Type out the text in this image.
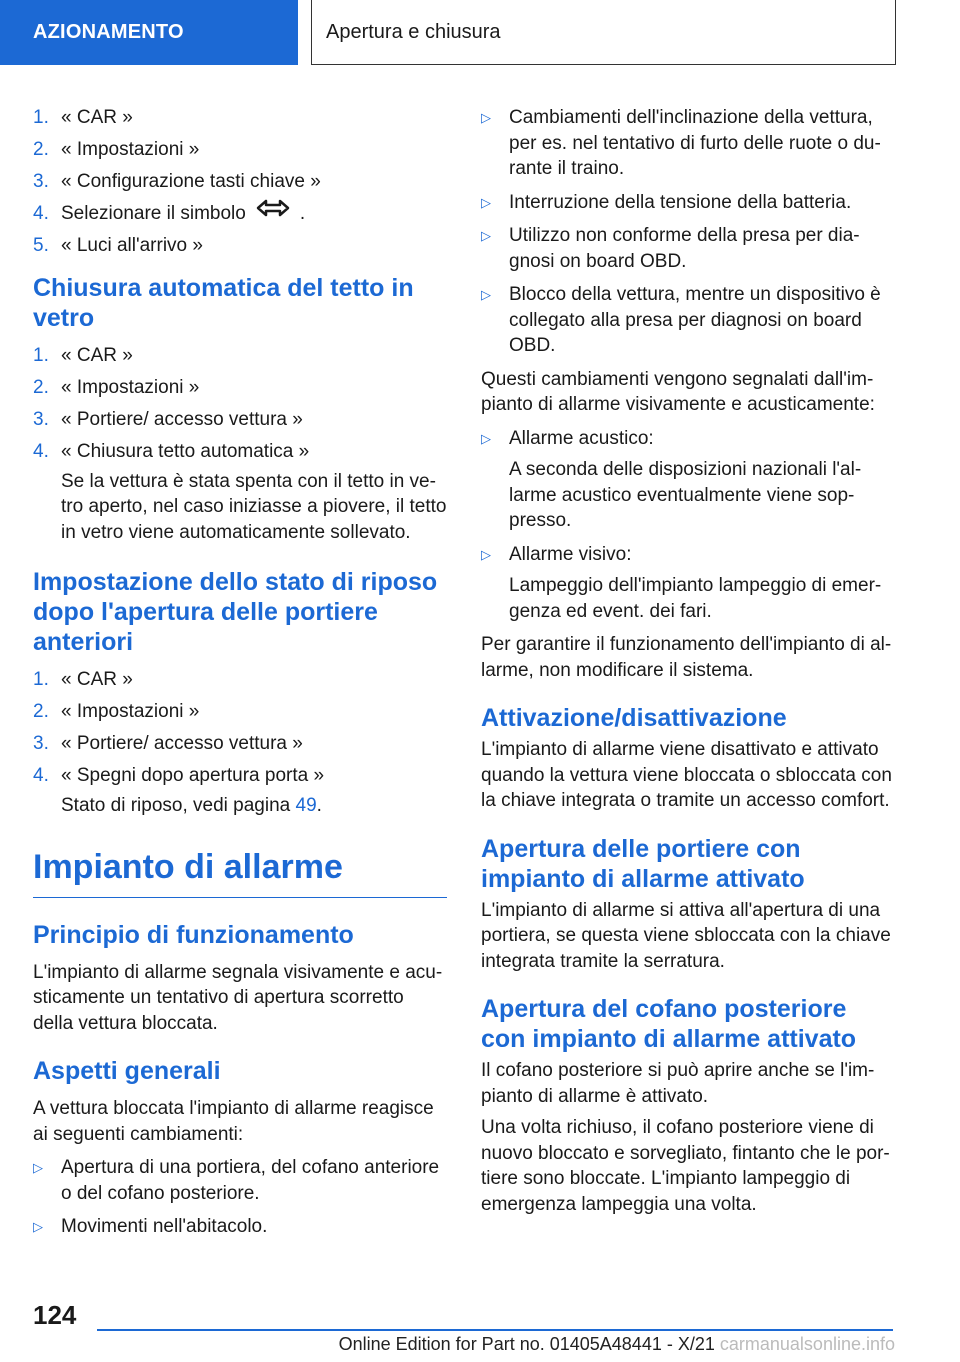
AZIONAMENTO	Apertura e chiusura
1. « CAR »
2. « Impostazioni »
3. « Configurazione tasti chiave »
4. Selezionare il simbolo	.
5. « Luci all'arrivo »
Chiusura automatica del tetto in vetro
1. « CAR »
2. « Impostazioni »
3. « Portiere/ accesso vettura »
4. « Chiusura tetto automatica »
Se la vettura è stata spenta con il tetto in ve-tro aperto, nel caso iniziasse a piovere, il tetto in vetro viene automaticamente sollevato.
Impostazione dello stato di riposo dopo l'apertura delle portiere anteriori
1. « CAR »
2. « Impostazioni »
3. « Portiere/ accesso vettura »
4. « Spegni dopo apertura porta »
Stato di riposo, vedi pagina 49.
Impianto di allarme
Principio di funzionamento

L'impianto di allarme segnala visivamente e acu-sticamente un tentativo di apertura scorretto della vettura bloccata.

Aspetti generali

A vettura bloccata l'impianto di allarme reagisce ai seguenti cambiamenti:

▷ Apertura di una portiera, del cofano anteriore o del cofano posteriore.
▷ Movimenti nell'abitacolo.
▷ Cambiamenti dell'inclinazione della vettura, per es. nel tentativo di furto delle ruote o du-rante il traino.
▷ Interruzione della tensione della batteria.
▷ Utilizzo non conforme della presa per dia-gnosi on board OBD.
▷ Blocco della vettura, mentre un dispositivo è collegato alla presa per diagnosi on board OBD.

Questi cambiamenti vengono segnalati dall'im-pianto di allarme visivamente e acusticamente:

▷ Allarme acustico:
A seconda delle disposizioni nazionali l'al-larme acustico eventualmente viene sop-presso.
▷ Allarme visivo:
Lampeggio dell'impianto lampeggio di emer-genza ed event. dei fari.

Per garantire il funzionamento dell'impianto di al-larme, non modificare il sistema.

Attivazione/disattivazione

L'impianto di allarme viene disattivato e attivato quando la vettura viene bloccata o sbloccata con la chiave integrata o tramite un accesso comfort.

Apertura delle portiere con impianto di allarme attivato

L'impianto di allarme si attiva all'apertura di una portiera, se questa viene sbloccata con la chiave integrata tramite la serratura.

Apertura del cofano posteriore con impianto di allarme attivato

Il cofano posteriore si può aprire anche se l'im-pianto di allarme è attivato.

Una volta richiuso, il cofano posteriore viene di nuovo bloccato e sorvegliato, fintanto che le por-tiere sono bloccate. L'impianto lampeggio di emergenza lampeggia una volta.

124
Online Edition for Part no. 01405A48441 - X/21 carmanualsonline.info
